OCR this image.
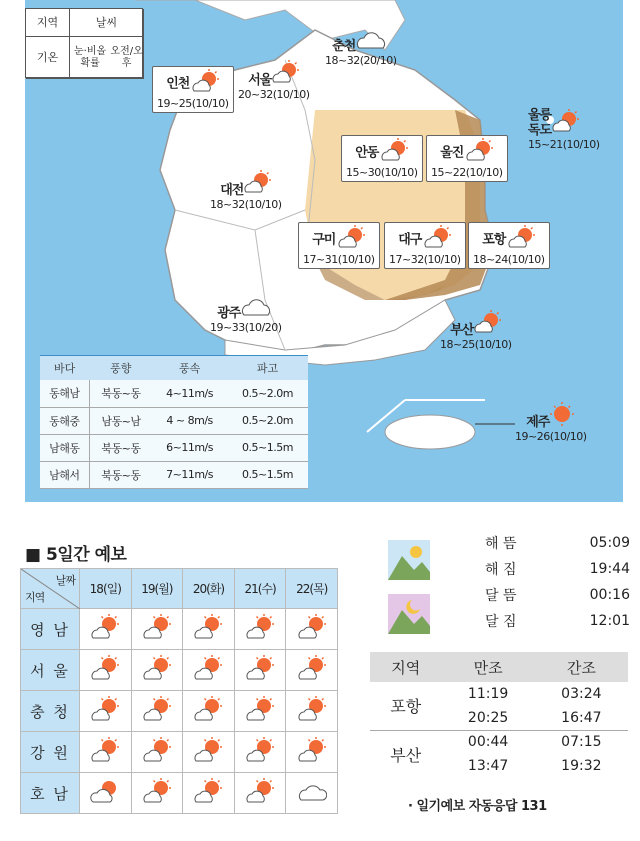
지역	날씨
기온	눈·비올확률

오전/오후
인천
19~25(10/10)
서울
20~32(10/10)
춘천
18~32(20/10)
울릉
독도
15~21(10/10)
안동
15~30(10/10)
울진
15~22(10/10)
대전
18~32(10/10)
구미
17~31(10/10)
대구
17~32(10/10)
포항
18~24(10/10)
광주
19~33(10/20)	부산
18~25(10/10)
제주
19~26(10/10)
바다	풍향	풍속	파고
동해남	북동~동	4~11m/s	0.5~2.0m
동해중	남동~남	4 ~ 8m/s	0.5~2.0m
남해동	북동~동	6~11m/s	0.5~1.5m
남해서	북동~동	7~11m/s	0.5~1.5m
■ 5일간 예보
날짜
지역	18(일)	19(월)	20(화)	21(수)	22(목)
영 남					
서 울					
충 청					
강 원					
호 남					
해 뜸	05:09
해 짐	19:44
달 뜸	00:16
달 짐	12:01
지역	만조	간조
포항	11:19	03:24
	20:25	16:47
부산	00:44	07:15
	13:47	19:32
· 일기예보 자동응답 131
